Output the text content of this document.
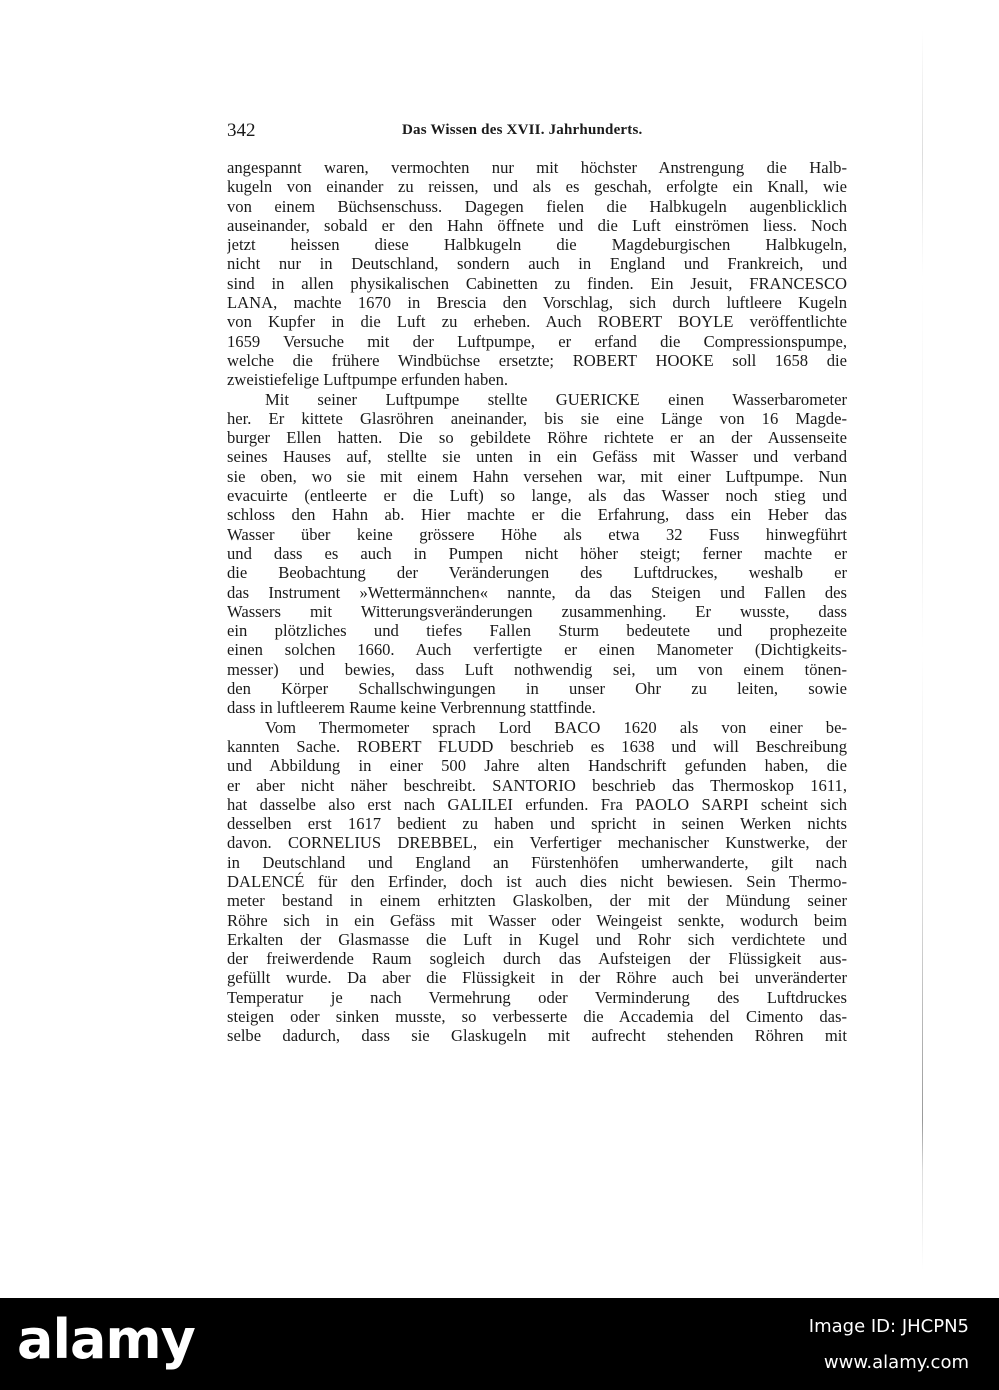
342	Das Wissen des XVII. Jahrhunderts.
angespannt waren, vermochten nur mit höchster Anstrengung die Halb-
kugeln von einander zu reissen, und als es geschah, erfolgte ein Knall, wie
von einem Büchsenschuss. Dagegen fielen die Halbkugeln augenblicklich
auseinander, sobald er den Hahn öffnete und die Luft einströmen liess. Noch
jetzt heissen diese Halbkugeln die Magdeburgischen Halbkugeln,
nicht nur in Deutschland, sondern auch in England und Frankreich, und
sind in allen physikalischen Cabinetten zu finden. Ein Jesuit, FRANCESCO
LANA, machte 1670 in Brescia den Vorschlag, sich durch luftleere Kugeln
von Kupfer in die Luft zu erheben. Auch ROBERT BOYLE veröffentlichte
1659 Versuche mit der Luftpumpe, er erfand die Compressionspumpe,
welche die frühere Windbüchse ersetzte; ROBERT HOOKE soll 1658 die
zweistiefelige Luftpumpe erfunden haben.
Mit seiner Luftpumpe stellte GUERICKE einen Wasserbarometer
her. Er kittete Glasröhren aneinander, bis sie eine Länge von 16 Magde-
burger Ellen hatten. Die so gebildete Röhre richtete er an der Aussenseite
seines Hauses auf, stellte sie unten in ein Gefäss mit Wasser und verband
sie oben, wo sie mit einem Hahn versehen war, mit einer Luftpumpe. Nun
evacuirte (entleerte er die Luft) so lange, als das Wasser noch stieg und
schloss den Hahn ab. Hier machte er die Erfahrung, dass ein Heber das
Wasser über keine grössere Höhe als etwa 32 Fuss hinwegführt
und dass es auch in Pumpen nicht höher steigt; ferner machte er
die Beobachtung der Veränderungen des Luftdruckes, weshalb er
das Instrument »Wettermännchen« nannte, da das Steigen und Fallen des
Wassers mit Witterungsveränderungen zusammenhing. Er wusste, dass
ein plötzliches und tiefes Fallen Sturm bedeutete und prophezeite
einen solchen 1660. Auch verfertigte er einen Manometer (Dichtigkeits-
messer) und bewies, dass Luft nothwendig sei, um von einem tönen-
den Körper Schallschwingungen in unser Ohr zu leiten, sowie
dass in luftleerem Raume keine Verbrennung stattfinde.
Vom Thermometer sprach Lord BACO 1620 als von einer be-
kannten Sache. ROBERT FLUDD beschrieb es 1638 und will Beschreibung
und Abbildung in einer 500 Jahre alten Handschrift gefunden haben, die
er aber nicht näher beschreibt. SANTORIO beschrieb das Thermoskop 1611,
hat dasselbe also erst nach GALILEI erfunden. Fra PAOLO SARPI scheint sich
desselben erst 1617 bedient zu haben und spricht in seinen Werken nichts
davon. CORNELIUS DREBBEL, ein Verfertiger mechanischer Kunstwerke, der
in Deutschland und England an Fürstenhöfen umherwanderte, gilt nach
DALENCÉ für den Erfinder, doch ist auch dies nicht bewiesen. Sein Thermo-
meter bestand in einem erhitzten Glaskolben, der mit der Mündung seiner
Röhre sich in ein Gefäss mit Wasser oder Weingeist senkte, wodurch beim
Erkalten der Glasmasse die Luft in Kugel und Rohr sich verdichtete und
der freiwerdende Raum sogleich durch das Aufsteigen der Flüssigkeit aus-
gefüllt wurde. Da aber die Flüssigkeit in der Röhre auch bei unveränderter
Temperatur je nach Vermehrung oder Verminderung des Luftdruckes
steigen oder sinken musste, so verbesserte die Accademia del Cimento das-
selbe dadurch, dass sie Glaskugeln mit aufrecht stehenden Röhren mit
alamy	Image ID: JHCPN5
www.alamy.com
